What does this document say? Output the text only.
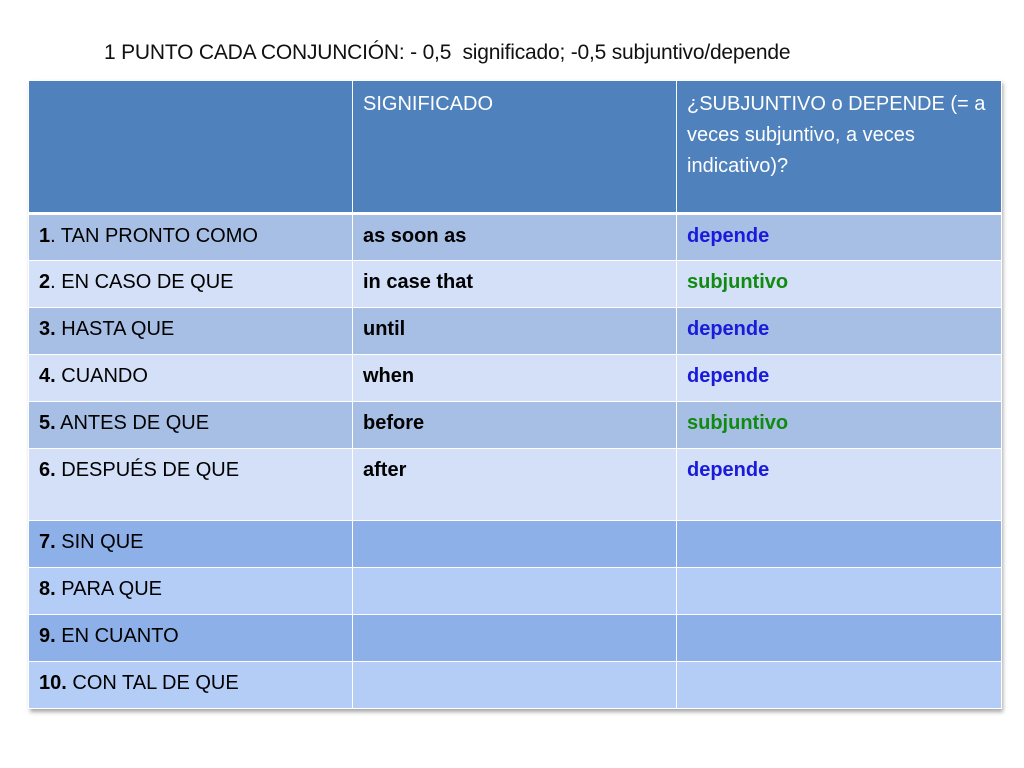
1 PUNTO CADA CONJUNCIÓN: - 0,5  significado; -0,5 subjuntivo/depende
	SIGNIFICADO	¿SUBJUNTIVO o DEPENDE (= a veces subjuntivo, a veces indicativo)?
1. TAN PRONTO COMO	as soon as	depende
2. EN CASO DE QUE	in case that	subjuntivo
3. HASTA QUE	until	depende
4. CUANDO	when	depende
5. ANTES DE QUE	before	subjuntivo
6. DESPUÉS DE QUE	after	depende
7. SIN QUE		
8. PARA QUE		
9. EN CUANTO		
10. CON TAL DE QUE		
